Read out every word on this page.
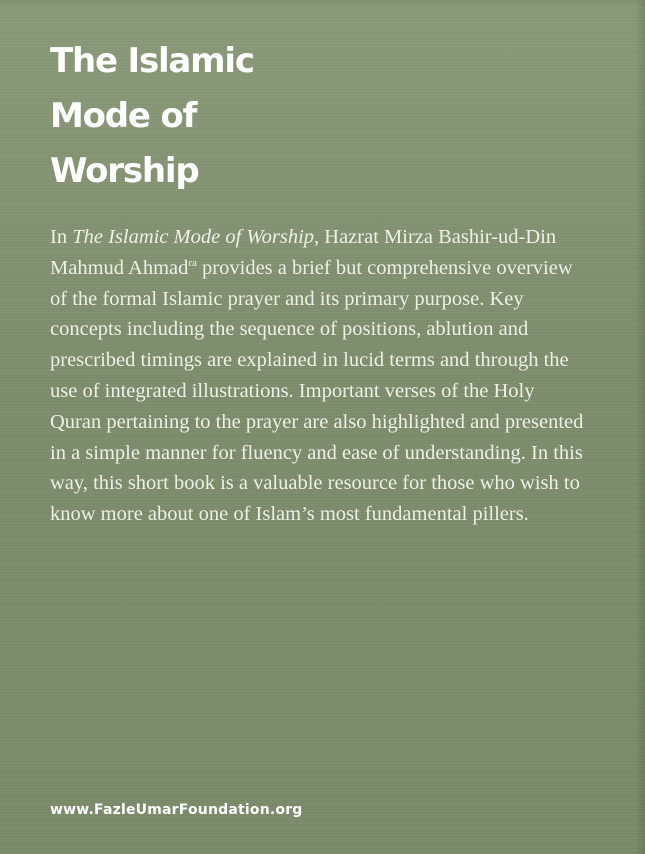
The Islamic
Mode of
Worship

In The Islamic Mode of Worship, Hazrat Mirza Bashir-ud-Din Mahmud Ahmad$^{ra}$ provides a brief but comprehensive overview of the formal Islamic prayer and its primary purpose. Key concepts including the sequence of positions, ablution and prescribed timings are explained in lucid terms and through the use of integrated illustrations. Important verses of the Holy Quran pertaining to the prayer are also highlighted and presented in a simple manner for fluency and ease of understanding. In this way, this short book is a valuable resource for those who wish to know more about one of Islam’s most fundamental pillers.

www.FazleUmarFoundation.org
